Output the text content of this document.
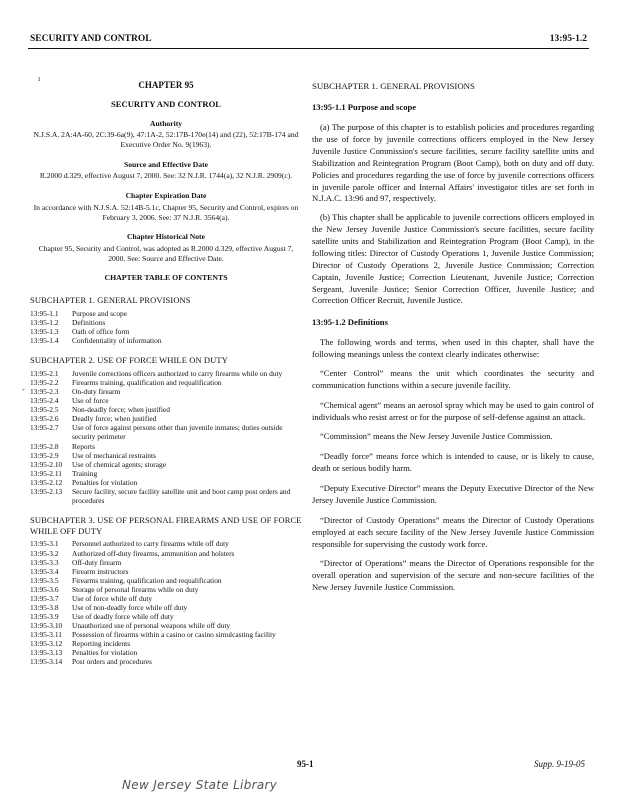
SECURITY AND CONTROL	13:95-1.2
ı
-
CHAPTER 95
SECURITY AND CONTROL
Authority
N.J.S.A. 2A:4A-60, 2C:39-6a(9), 47:1A-2, 52:17B-170e(14) and (22), 52:17B-174 and Executive Order No. 9(1963).
Source and Effective Date
R.2000 d.329, effective August 7, 2000. See: 32 N.J.R. 1744(a), 32 N.J.R. 2909(c).
Chapter Expiration Date
In accordance with N.J.S.A. 52:14B-5.1c, Chapter 95, Security and Control, expires on February 3, 2006. See: 37 N.J.R. 3564(a).
Chapter Historical Note
Chapter 95, Security and Control, was adopted as R.2000 d.329, effective August 7, 2000. See: Source and Effective Date.
CHAPTER TABLE OF CONTENTS
SUBCHAPTER 1. GENERAL PROVISIONS
13:95-1.1	Purpose and scope
13:95-1.2	Definitions
13:95-1.3	Oath of office form
13:95-1.4	Confidentiality of information
SUBCHAPTER 2. USE OF FORCE WHILE ON DUTY
13:95-2.1	Juvenile corrections officers authorized to carry firearms while on duty
13:95-2.2	Firearms training, qualification and requalification
13:95-2.3	On-duty firearm
13:95-2.4	Use of force
13:95-2.5	Non-deadly force; when justified
13:95-2.6	Deadly force; when justified
13:95-2.7	Use of force against persons other than juvenile inmates; duties outside security perimeter
13:95-2.8	Reports
13:95-2.9	Use of mechanical restraints
13:95-2.10	Use of chemical agents; storage
13:95-2.11	Training
13:95-2.12	Penalties for violation
13:95-2.13	Secure facility, secure facility satellite unit and boot camp post orders and procedures
SUBCHAPTER 3. USE OF PERSONAL FIREARMS AND USE OF FORCE WHILE OFF DUTY
13:95-3.1	Personnel authorized to carry firearms while off duty
13:95-3.2	Authorized off-duty firearms, ammunition and holsters
13:95-3.3	Off-duty firearm
13:95-3.4	Firearm instructors
13:95-3.5	Firearms training, qualification and requalification
13:95-3.6	Storage of personal firearms while on duty
13:95-3.7	Use of force while off duty
13:95-3.8	Use of non-deadly force while off duty
13:95-3.9	Use of deadly force while off duty
13:95-3.10	Unauthorized use of personal weapons while off duty
13:95-3.11	Possession of firearms within a casino or casino simulcasting facility
13:95-3.12	Reporting incidents
13:95-3.13	Penalties for violation
13:95-3.14	Post orders and procedures
SUBCHAPTER 1. GENERAL PROVISIONS
13:95-1.1 Purpose and scope

(a) The purpose of this chapter is to establish policies and procedures regarding the use of force by juvenile corrections officers employed in the New Jersey Juvenile Justice Commission's secure facilities, secure facility satellite units and Stabilization and Reintegration Program (Boot Camp), both on duty and off duty. Policies and procedures regarding the use of force by juvenile corrections officers in juvenile parole officer and Internal Affairs' investigator titles are set forth in N.J.A.C. 13:96 and 97, respectively.

(b) This chapter shall be applicable to juvenile corrections officers employed in the New Jersey Juvenile Justice Commission's secure facilities, secure facility satellite units and Stabilization and Reintegration Program (Boot Camp), in the following titles: Director of Custody Operations 1, Juvenile Justice Commission; Director of Custody Operations 2, Juvenile Justice Commission; Correction Captain, Juvenile Justice; Correction Lieutenant, Juvenile Justice; Correction Sergeant, Juvenile Justice; Senior Correction Officer, Juvenile Justice; and Correction Officer Recruit, Juvenile Justice.

13:95-1.2 Definitions

The following words and terms, when used in this chapter, shall have the following meanings unless the context clearly indicates otherwise:

“Center Control” means the unit which coordinates the security and communication functions within a secure juvenile facility.

“Chemical agent” means an aerosol spray which may be used to gain control of individuals who resist arrest or for the purpose of self-defense against an attack.

“Commission” means the New Jersey Juvenile Justice Commission.

“Deadly force” means force which is intended to cause, or is likely to cause, death or serious bodily harm.

“Deputy Executive Director” means the Deputy Executive Director of the New Jersey Juvenile Justice Commission.

“Director of Custody Operations” means the Director of Custody Operations employed at each secure facility of the New Jersey Juvenile Justice Commission responsible for supervising the custody work force.

“Director of Operations” means the Director of Operations responsible for the overall operation and supervision of the secure and non-secure facilities of the New Jersey Juvenile Justice Commission.

95-1	Supp. 9-19-05
New Jersey State Library
